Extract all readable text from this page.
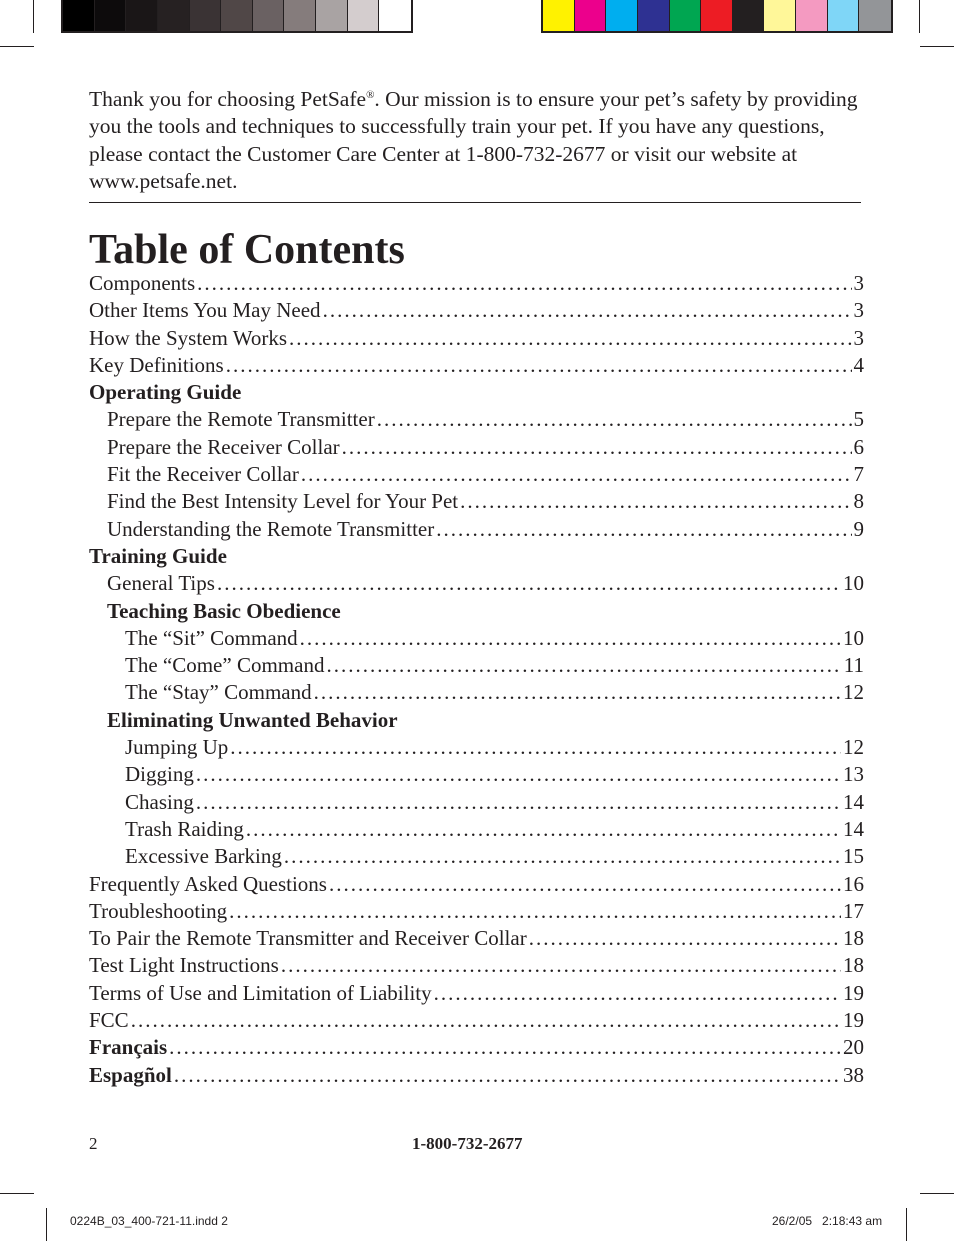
Thank you for choosing PetSafe®. Our mission is to ensure your pet’s safety by providing you the tools and techniques to successfully train your pet. If you have any questions, please contact the Customer Care Center at 1-800-732-2677 or visit our website at www.petsafe.net.

Table of Contents
Components .....	3
Other Items You May Need .....	3
How the System Works .....	3
Key Definitions .....	4
Operating Guide
Prepare the Remote Transmitter .....	5
Prepare the Receiver Collar .....	6
Fit the Receiver Collar .....	7
Find the Best Intensity Level for Your Pet .....	8
Understanding the Remote Transmitter .....	9
Training Guide
General Tips .....	10
Teaching Basic Obedience
The “Sit” Command .....	10
The “Come” Command .....	11
The “Stay” Command .....	12
Eliminating Unwanted Behavior
Jumping Up .....	12
Digging .....	13
Chasing .....	14
Trash Raiding .....	14
Excessive Barking .....	15
Frequently Asked Questions .....	16
Troubleshooting .....	17
To Pair the Remote Transmitter and Receiver Collar .....	18
Test Light Instructions .....	18
Terms of Use and Limitation of Liability .....	19
FCC .....	19
Français .....	20
Espagñol .....	38
2	1-800-732-2677
0224B_03_400-721-11.indd 2	26/2/05   2:18:43 am
